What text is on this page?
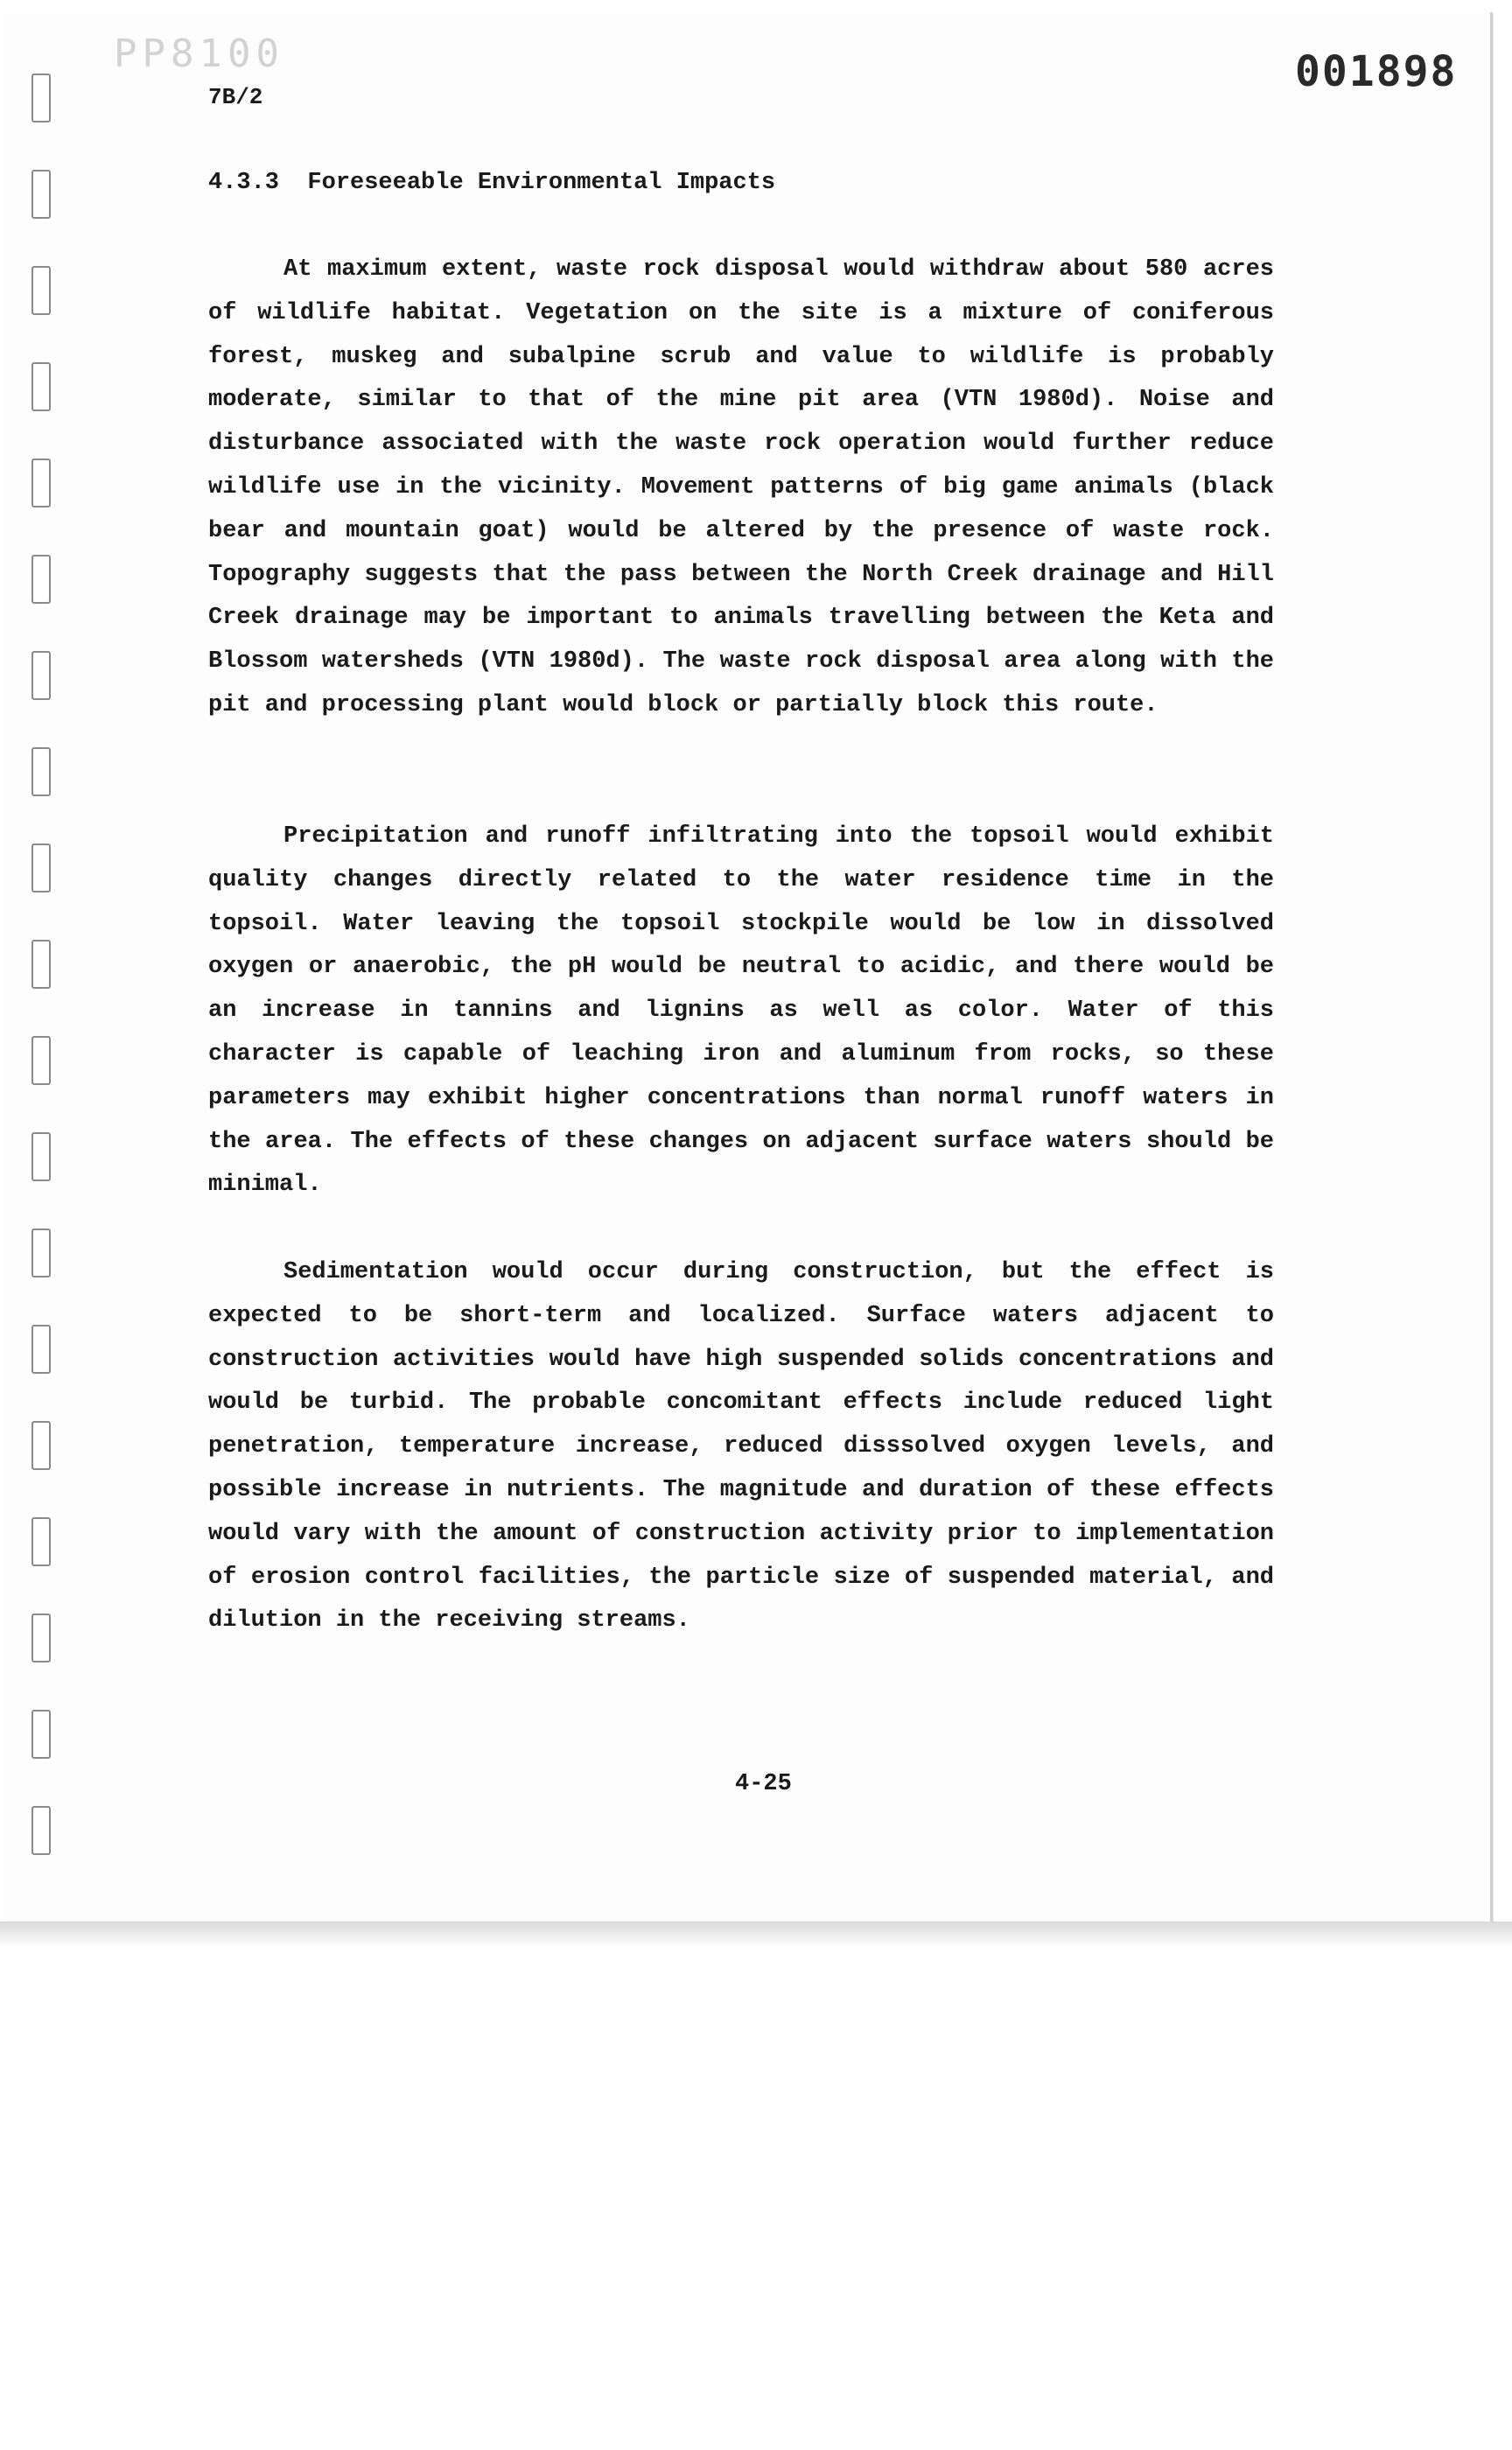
PP8100	001898
7B/2
4.3.3 Foreseeable Environmental Impacts

At maximum extent, waste rock disposal would withdraw about 580 acres of wildlife habitat. Vegetation on the site is a mixture of coniferous forest, muskeg and subalpine scrub and value to wildlife is probably moderate, similar to that of the mine pit area (VTN 1980d). Noise and disturbance associated with the waste rock operation would further reduce wildlife use in the vicinity. Movement patterns of big game animals (black bear and mountain goat) would be altered by the presence of waste rock. Topography suggests that the pass between the North Creek drainage and Hill Creek drainage may be important to animals travelling between the Keta and Blossom watersheds (VTN 1980d). The waste rock disposal area along with the pit and processing plant would block or partially block this route.

Precipitation and runoff infiltrating into the topsoil would exhibit quality changes directly related to the water residence time in the topsoil. Water leaving the topsoil stockpile would be low in dissolved oxygen or anaerobic, the pH would be neutral to acidic, and there would be an increase in tannins and lignins as well as color. Water of this character is capable of leaching iron and aluminum from rocks, so these parameters may exhibit higher concentrations than normal runoff waters in the area. The effects of these changes on adjacent surface waters should be minimal.

Sedimentation would occur during construction, but the effect is expected to be short-term and localized. Surface waters adjacent to construction activities would have high suspended solids concentrations and would be turbid. The probable concomitant effects include reduced light penetration, temperature increase, reduced disssolved oxygen levels, and possible increase in nutrients. The magnitude and duration of these effects would vary with the amount of construction activity prior to implementation of erosion control facilities, the particle size of suspended material, and dilution in the receiving streams.

4-25
